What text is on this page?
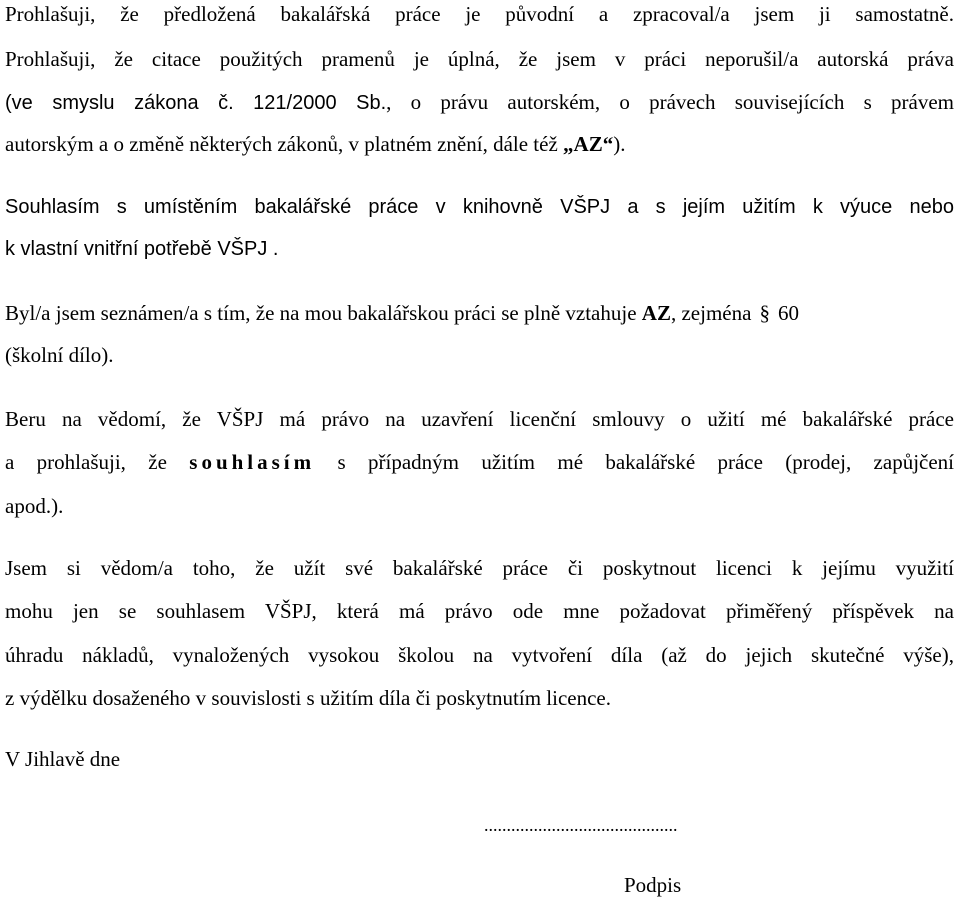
Prohlašuji, že předložená bakalářská práce je původní a zpracoval/a jsem ji samostatně.
Prohlašuji, že citace použitých pramenů je úplná, že jsem v práci neporušil/a autorská práva
(ve smyslu zákona č. 121/2000 Sb., o právu autorském, o právech souvisejících s právem
autorským a o změně některých zákonů, v platném znění, dále též „AZ“).
Souhlasím s umístěním bakalářské práce v knihovně VŠPJ a s jejím užitím k výuce nebo
k vlastní vnitřní potřebě VŠPJ .
Byl/a jsem seznámen/a s tím, že na mou bakalářskou práci se plně vztahuje AZ, zejména § 60
(školní dílo).
Beru na vědomí, že VŠPJ má právo na uzavření licenční smlouvy o užití mé bakalářské práce
a prohlašuji, že souhlasím s případným užitím mé bakalářské práce (prodej, zapůjčení
apod.).
Jsem si vědom/a toho, že užít své bakalářské práce či poskytnout licenci k jejímu využití
mohu jen se souhlasem VŠPJ, která má právo ode mne požadovat přiměřený příspěvek na
úhradu nákladů, vynaložených vysokou školou na vytvoření díla (až do jejich skutečné výše),
z výdělku dosaženého v souvislosti s užitím díla či poskytnutím licence.
V Jihlavě dne
...........................................
Podpis
